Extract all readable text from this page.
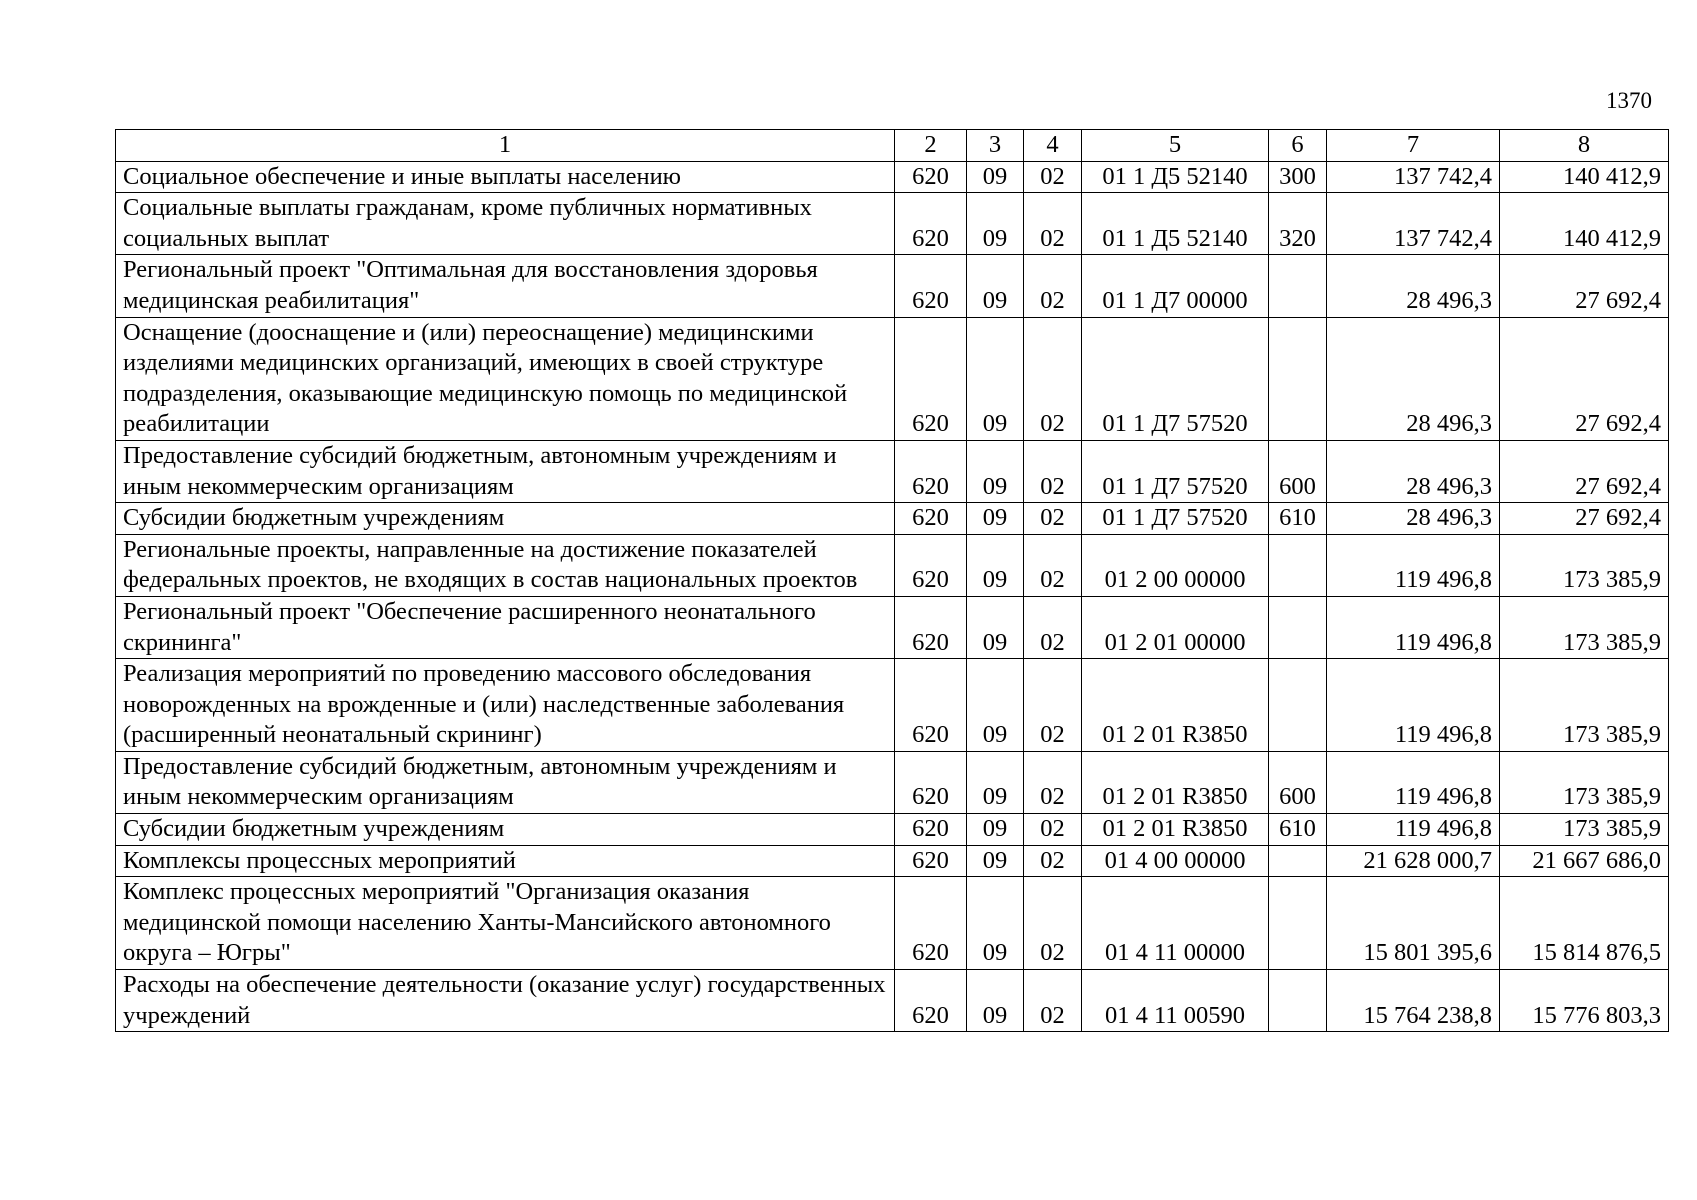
1370
1	2	3	4	5	6	7	8
Социальное обеспечение и иные выплаты населению	620	09	02	01 1 Д5 52140	300	137 742,4	140 412,9
Социальные выплаты гражданам, кроме публичных нормативных социальных выплат	620	09	02	01 1 Д5 52140	320	137 742,4	140 412,9
Региональный проект "Оптимальная для восстановления здоровья медицинская реабилитация"	620	09	02	01 1 Д7 00000		28 496,3	27 692,4
Оснащение (дооснащение и (или) переоснащение) медицинскими изделиями медицинских организаций, имеющих в своей структуре подразделения, оказывающие медицинскую помощь по медицинской реабилитации	620	09	02	01 1 Д7 57520		28 496,3	27 692,4
Предоставление субсидий бюджетным, автономным учреждениям и иным некоммерческим организациям	620	09	02	01 1 Д7 57520	600	28 496,3	27 692,4
Субсидии бюджетным учреждениям	620	09	02	01 1 Д7 57520	610	28 496,3	27 692,4
Региональные проекты, направленные на достижение показателей федеральных проектов, не входящих в состав национальных проектов	620	09	02	01 2 00 00000		119 496,8	173 385,9
Региональный проект "Обеспечение расширенного неонатального скрининга"	620	09	02	01 2 01 00000		119 496,8	173 385,9
Реализация мероприятий по проведению массового обследования новорожденных на врожденные и (или) наследственные заболевания (расширенный неонатальный скрининг)	620	09	02	01 2 01 R3850		119 496,8	173 385,9
Предоставление субсидий бюджетным, автономным учреждениям и иным некоммерческим организациям	620	09	02	01 2 01 R3850	600	119 496,8	173 385,9
Субсидии бюджетным учреждениям	620	09	02	01 2 01 R3850	610	119 496,8	173 385,9
Комплексы процессных мероприятий	620	09	02	01 4 00 00000		21 628 000,7	21 667 686,0
Комплекс процессных мероприятий "Организация оказания медицинской помощи населению Ханты-Мансийского автономного округа – Югры"	620	09	02	01 4 11 00000		15 801 395,6	15 814 876,5
Расходы на обеспечение деятельности (оказание услуг) государственных учреждений	620	09	02	01 4 11 00590		15 764 238,8	15 776 803,3
